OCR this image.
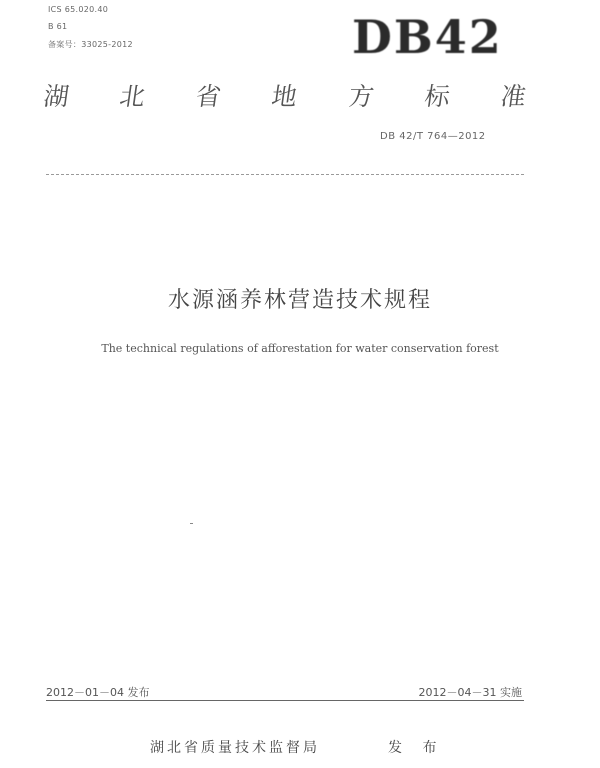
ICS 65.020.40
B 61
备案号：33025-2012	DB42
湖 北 省 地 方 标 准
DB 42/T 764—2012
水源涵养林营造技术规程
The technical regulations of afforestation for water conservation forest
2012－01－04 发布	2012－04－31 实施
湖北省质量技术监督局	发 布
